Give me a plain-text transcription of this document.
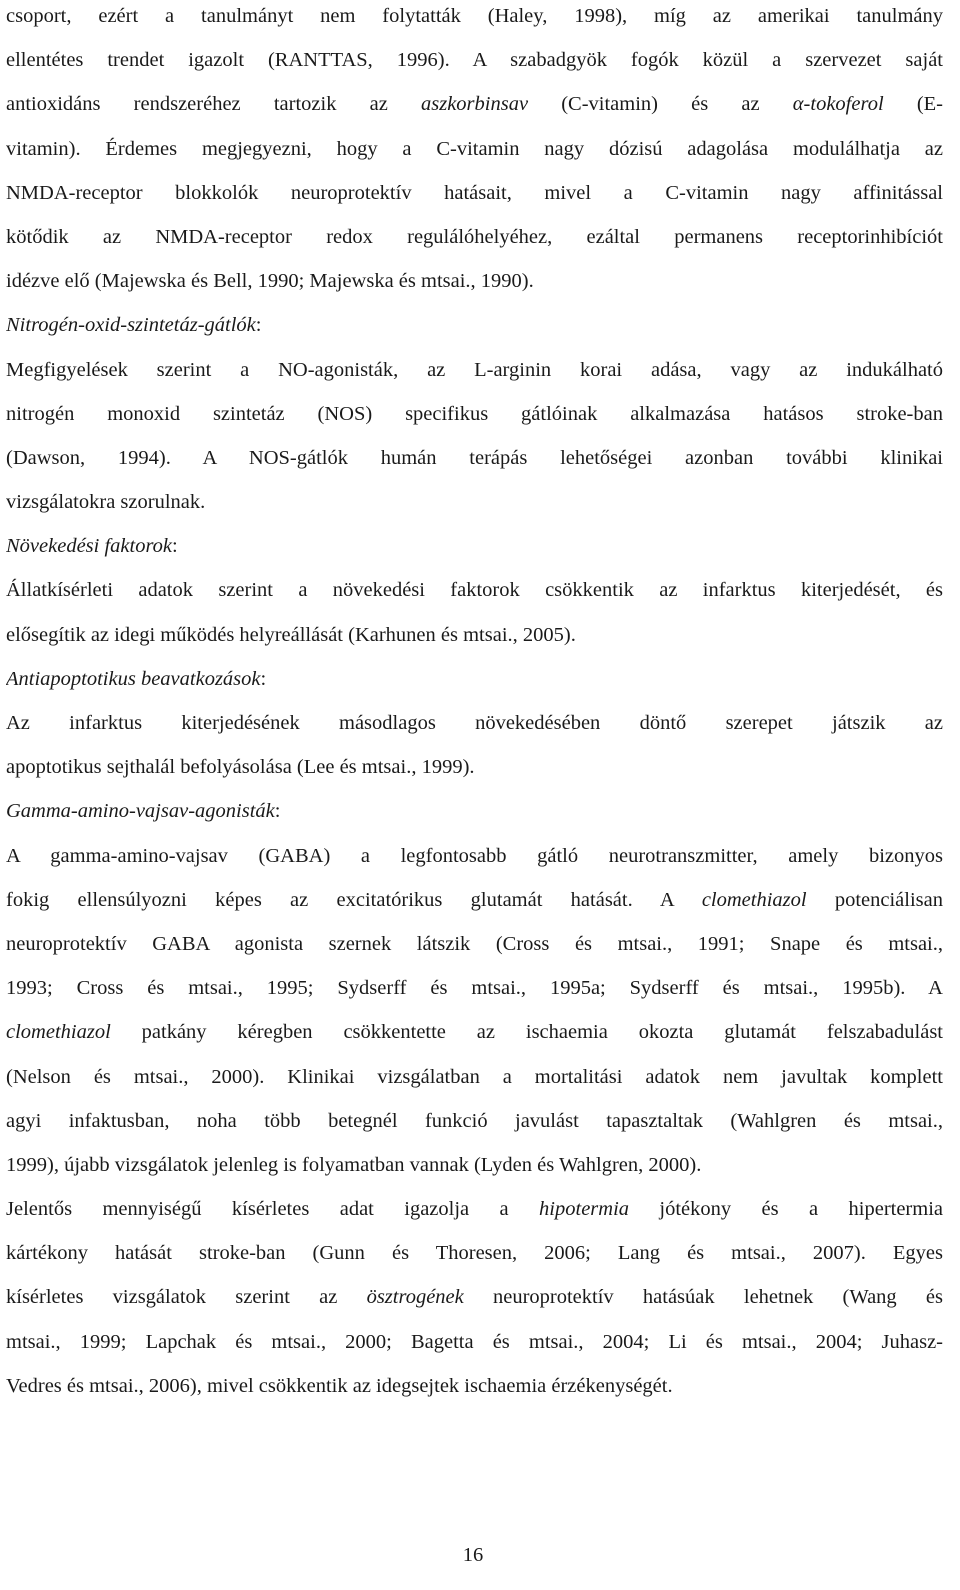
csoport, ezért a tanulmányt nem folytatták (Haley, 1998), míg az amerikai tanulmány
ellentétes trendet igazolt (RANTTAS, 1996). A szabadgyök fogók közül a szervezet saját
antioxidáns rendszeréhez tartozik az aszkorbinsav (C-vitamin) és az α-tokoferol (E-
vitamin). Érdemes megjegyezni, hogy a C-vitamin nagy dózisú adagolása modulálhatja az
NMDA-receptor blokkolók neuroprotektív hatásait, mivel a C-vitamin nagy affinitással
kötődik az NMDA-receptor redox regulálóhelyéhez, ezáltal permanens receptorinhibíciót
idézve elő (Majewska és Bell, 1990; Majewska és mtsai., 1990).
Nitrogén-oxid-szintetáz-gátlók:
Megfigyelések szerint a NO-agonisták, az L-arginin korai adása, vagy az indukálható
nitrogén monoxid szintetáz (NOS) specifikus gátlóinak alkalmazása hatásos stroke-ban
(Dawson, 1994). A NOS-gátlók humán terápás lehetőségei azonban további klinikai
vizsgálatokra szorulnak.
Növekedési faktorok:
Állatkísérleti adatok szerint a növekedési faktorok csökkentik az infarktus kiterjedését, és
elősegítik az idegi működés helyreállását (Karhunen és mtsai., 2005).
Antiapoptotikus beavatkozások:
Az infarktus kiterjedésének másodlagos növekedésében döntő szerepet játszik az
apoptotikus sejthalál befolyásolása (Lee és mtsai., 1999).
Gamma-amino-vajsav-agonisták:
A gamma-amino-vajsav (GABA) a legfontosabb gátló neurotranszmitter, amely bizonyos
fokig ellensúlyozni képes az excitatórikus glutamát hatását. A clomethiazol potenciálisan
neuroprotektív GABA agonista szernek látszik (Cross és mtsai., 1991; Snape és mtsai.,
1993; Cross és mtsai., 1995; Sydserff és mtsai., 1995a; Sydserff és mtsai., 1995b). A
clomethiazol patkány kéregben csökkentette az ischaemia okozta glutamát felszabadulást
(Nelson és mtsai., 2000). Klinikai vizsgálatban a mortalitási adatok nem javultak komplett
agyi infaktusban, noha több betegnél funkció javulást tapasztaltak (Wahlgren és mtsai.,
1999), újabb vizsgálatok jelenleg is folyamatban vannak (Lyden és Wahlgren, 2000).
Jelentős mennyiségű kísérletes adat igazolja a hipotermia jótékony és a hipertermia
kártékony hatását stroke-ban (Gunn és Thoresen, 2006; Lang és mtsai., 2007). Egyes
kísérletes vizsgálatok szerint az ösztrogének neuroprotektív hatásúak lehetnek (Wang és
mtsai., 1999; Lapchak és mtsai., 2000; Bagetta és mtsai., 2004; Li és mtsai., 2004; Juhasz-
Vedres és mtsai., 2006), mivel csökkentik az idegsejtek ischaemia érzékenységét.
16
